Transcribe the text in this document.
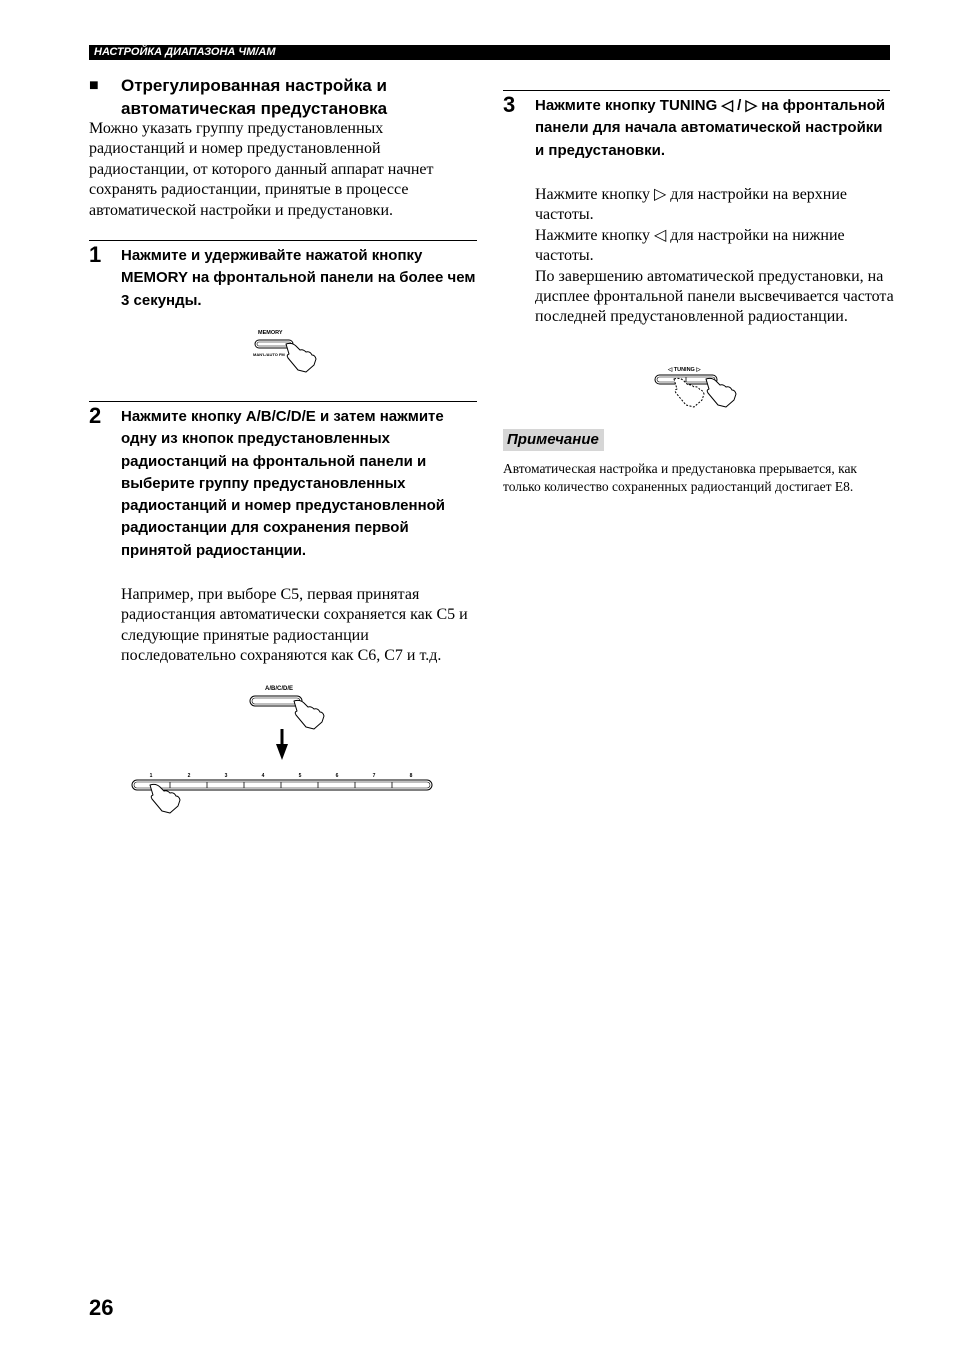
НАСТРОЙКА ДИАПАЗОНА ЧМ/AM
■ Отрегулированная настройка и автоматическая предустановка
Можно указать группу предустановленных радиостанций и номер предустановленной радиостанции, от которого данный аппарат начнет сохранять радиостанции, принятые в процессе автоматической настройки и предустановки.
1 Нажмите и удерживайте нажатой кнопку MEMORY на фронтальной панели на более чем 3 секунды.
MEMORY
MAN'L/AUTO FM
2 Нажмите кнопку A/B/C/D/E и затем нажмите одну из кнопок предустановленных радиостанций на фронтальной панели и выберите группу предустановленных радиостанций и номер предустановленной радиостанции для сохранения первой принятой радиостанции.
Например, при выборе C5, первая принятая радиостанция автоматически сохраняется как C5 и следующие принятые радиостанции последовательно сохраняются как C6, C7 и т.д.
A/B/C/D/E
1	2	3	4	5	6	7	8
3 Нажмите кнопку TUNING ◁ / ▷ на фронтальной панели для начала автоматической настройки и предустановки.
Нажмите кнопку ▷ для настройки на верхние частоты.
Нажмите кнопку ◁ для настройки на нижние частоты.
По завершению автоматической предустановки, на дисплее фронтальной панели высвечивается частота последней предустановленной радиостанции.
◁ TUNING ▷
Примечание
Автоматическая настройка и предустановка прерывается, как только количество сохраненных радиостанций достигает E8.
26
